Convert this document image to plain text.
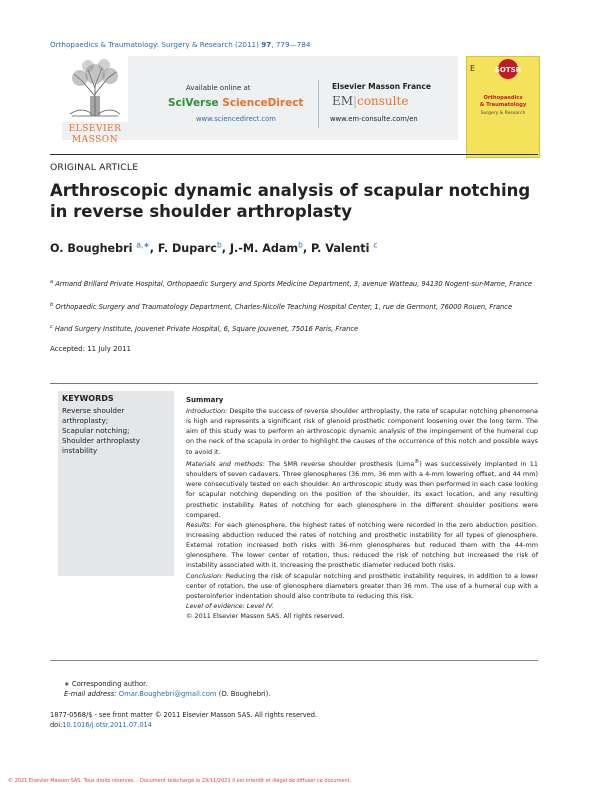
Orthopaedics & Traumatology: Surgery & Research (2011) 97, 779—784
ELSEVIER
MASSON
Available online at
SciVerse ScienceDirect
www.sciencedirect.com
Elsevier Masson France
EM|consulte
www.em-consulte.com/en
E	SOTSR
Orthopaedics
& Traumatology
Surgery & Research
ORIGINAL ARTICLE
Arthroscopic dynamic analysis of scapular notching in reverse shoulder arthroplasty
O. Boughebri $^{a,∗}$, F. Duparc$^b$, J.-M. Adam$^b$, P. Valenti $^c$
$^a$ Armand Brillard Private Hospital, Orthopaedic Surgery and Sports Medicine Department, 3, avenue Watteau, 94130 Nogent-sur-Marne, France
$^b$ Orthopaedic Surgery and Traumatology Department, Charles-Nicolle Teaching Hospital Center, 1, rue de Germont, 76000 Rouen, France
$^c$ Hand Surgery Institute, Jouvenet Private Hospital, 6, Square Jouvenet, 75016 Paris, France
Accepted: 11 July 2011
KEYWORDS
Reverse shoulder arthroplasty;
Scapular notching;
Shoulder arthroplasty instability
Summary

Introduction: Despite the success of reverse shoulder arthroplasty, the rate of scapular notching phenomena is high and represents a significant risk of glenoid prosthetic component loosening over the long term. The aim of this study was to perform an arthroscopic dynamic analysis of the impingement of the humeral cup on the neck of the scapula in order to highlight the causes of the occurrence of this notch and possible ways to avoid it.

Materials and methods: The SMR reverse shoulder prosthesis (Lima®) was successively implanted in 11 shoulders of seven cadavers. Three glenospheres (36 mm, 36 mm with a 4-mm lowering offset, and 44 mm) were consecutively tested on each shoulder. An arthroscopic study was then performed in each case looking for scapular notching depending on the position of the shoulder, its exact location, and any resulting prosthetic instability. Rates of notching for each glenosphere in the different shoulder positions were compared.

Results: For each glenosphere, the highest rates of notching were recorded in the zero abduction position. Increasing abduction reduced the rates of notching and prosthetic instability for all types of glenosphere. External rotation increased both risks with 36-mm glenospheres but reduced them with the 44-mm glenosphere. The lower center of rotation, thus, reduced the risk of notching but increased the risk of instability associated with it. Increasing the prosthetic diameter reduced both risks.

Conclusion: Reducing the risk of scapular notching and prosthetic instability requires, in addition to a lower center of rotation, the use of glenosphere diameters greater than 36 mm. The use of a humeral cup with a posteroinferior indentation should also contribute to reducing this risk.

Level of evidence: Level IV.

© 2011 Elsevier Masson SAS. All rights reserved.

∗ Corresponding author.
E-mail address: Omar.Boughebri@gmail.com (O. Boughebri).
1877-0568/$ - see front matter © 2011 Elsevier Masson SAS. All rights reserved.
doi:10.1016/j.otsr.2011.07.014
© 2021 Elsevier Masson SAS. Tous droits réservés. - Document téléchargé le 29/11/2021 Il est interdit et illégal de diffuser ce document.
